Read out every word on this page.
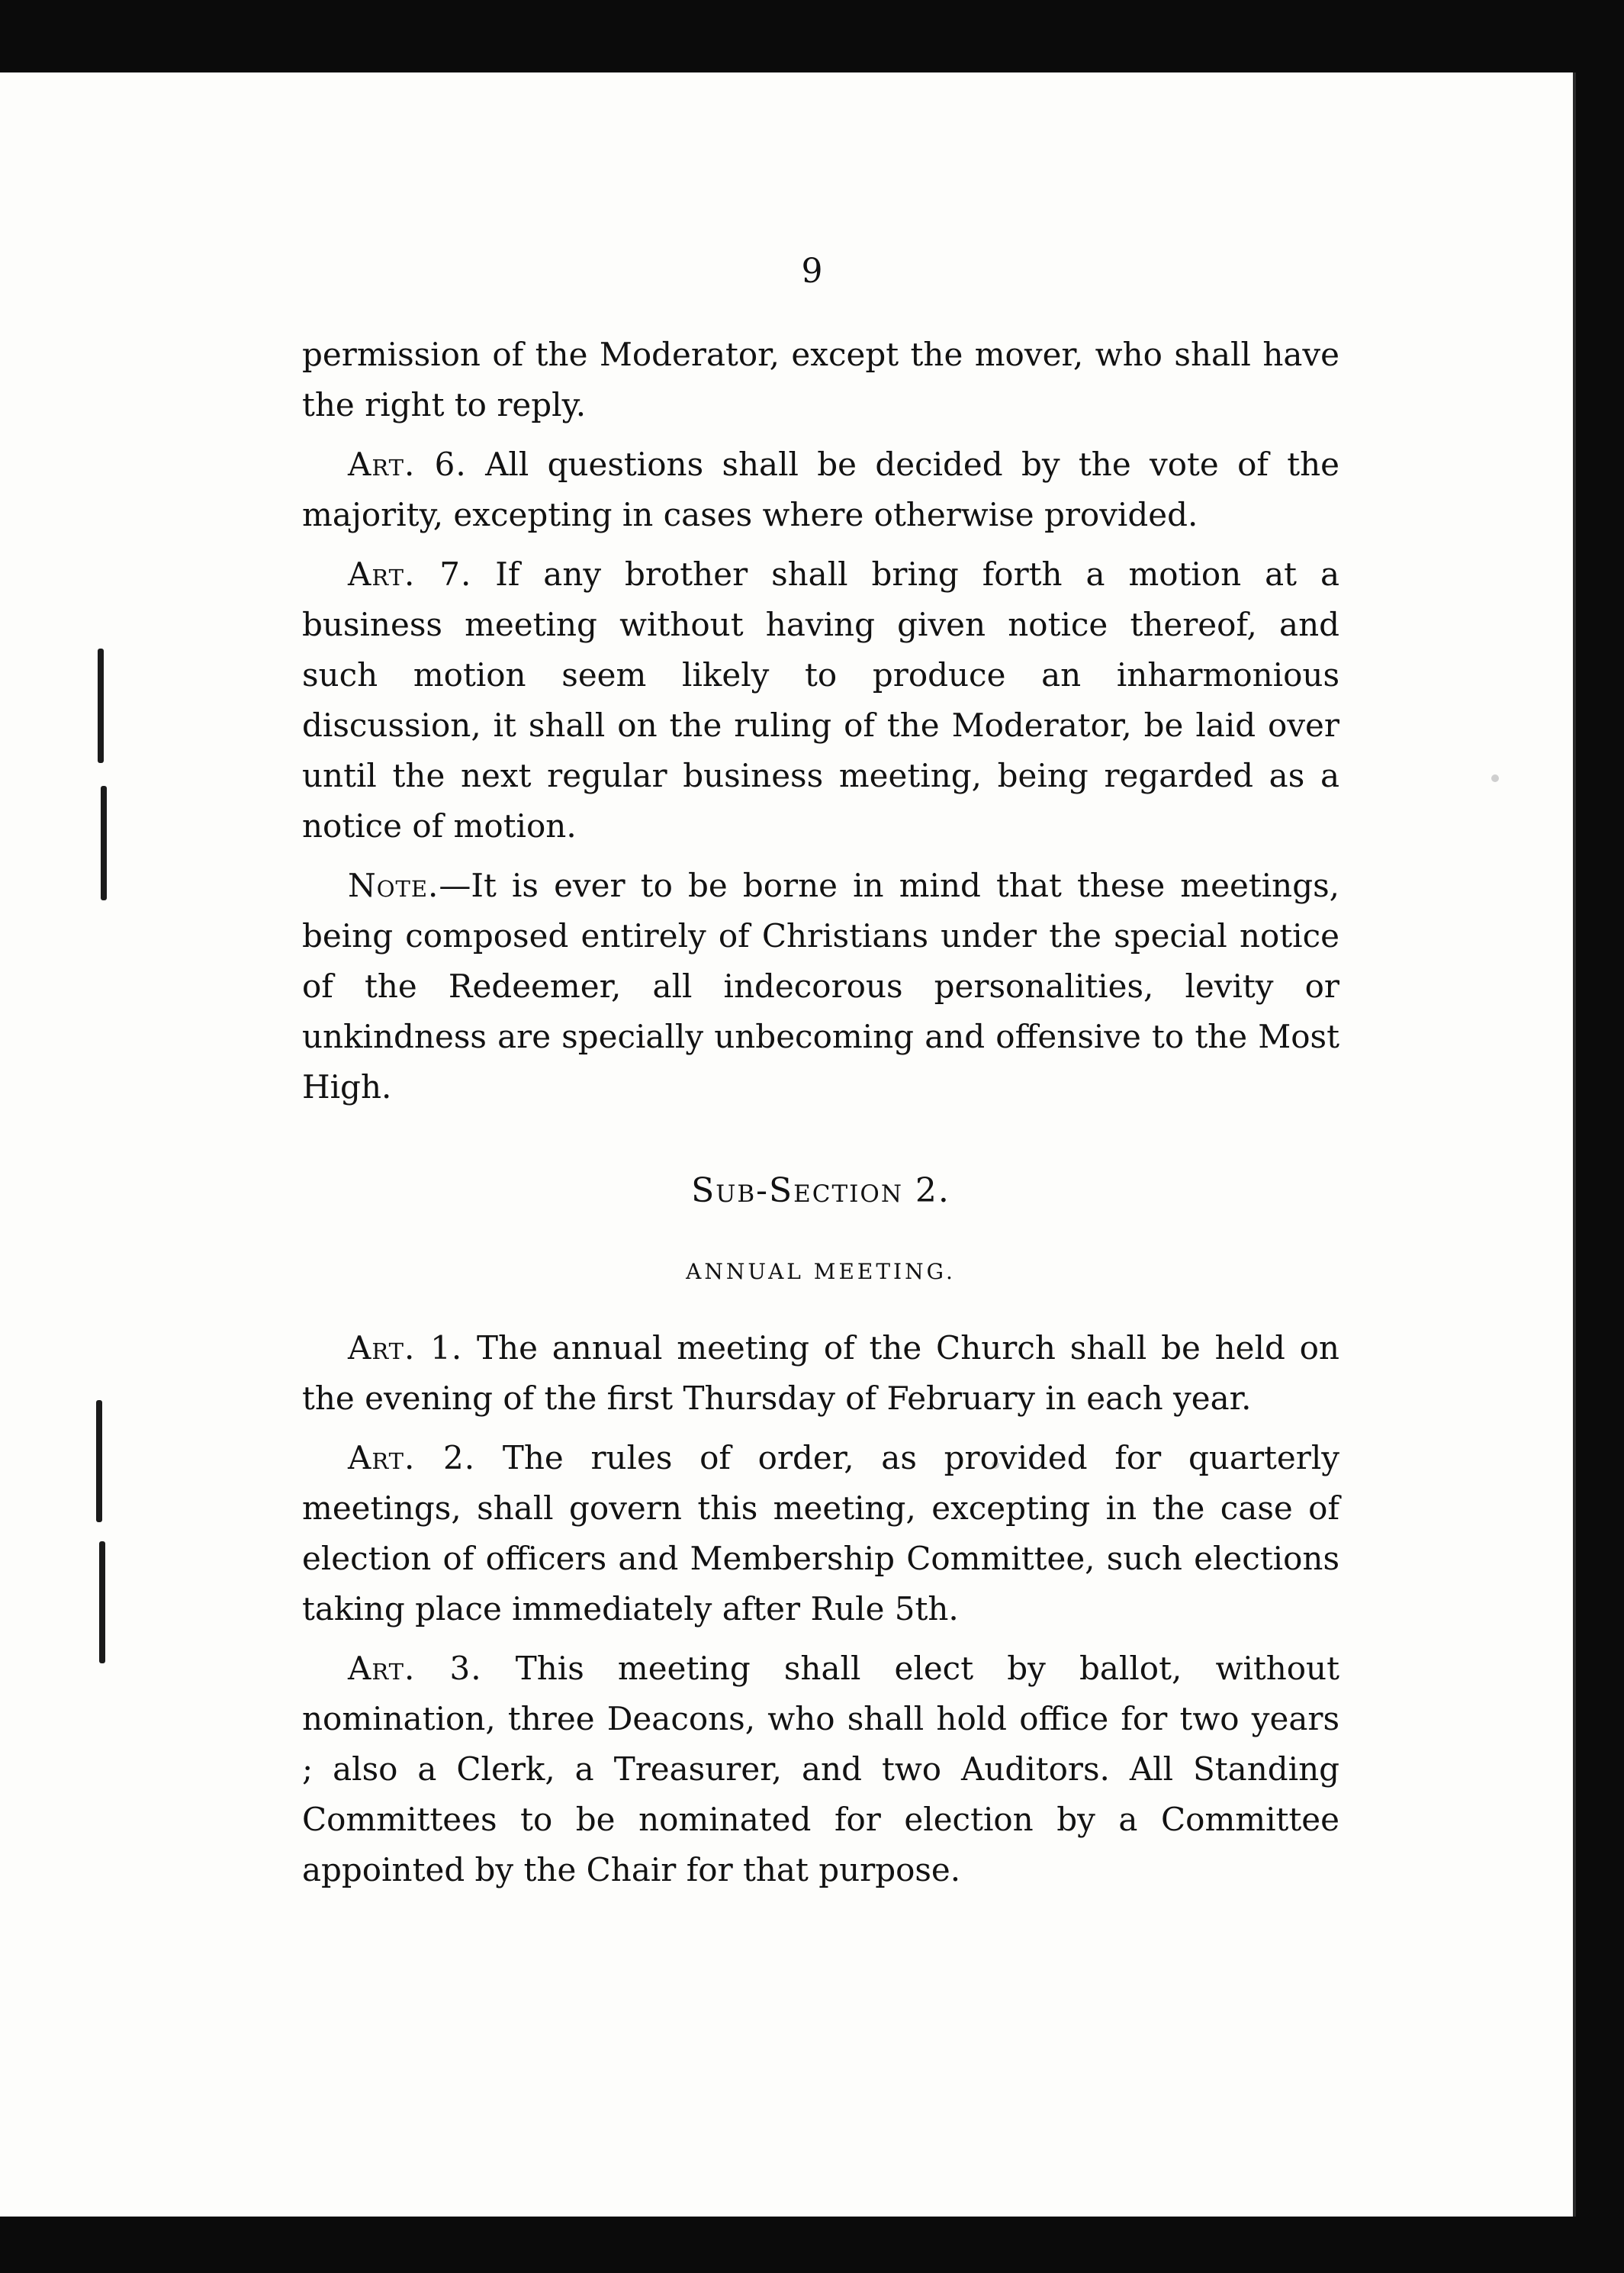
9

permission of the Moderator, except the mover, who shall have the right to reply.

Art. 6. All questions shall be decided by the vote of the majority, excepting in cases where otherwise provided.

Art. 7. If any brother shall bring forth a motion at a business meeting without having given notice thereof, and such motion seem likely to produce an inharmonious discussion, it shall on the ruling of the Moderator, be laid over until the next regular business meeting, being regarded as a notice of motion.

Note.—It is ever to be borne in mind that these meetings, being composed entirely of Christians under the special notice of the Redeemer, all indecorous personalities, levity or unkindness are specially unbecoming and offensive to the Most High.

Sub-Section 2.
ANNUAL MEETING.

Art. 1. The annual meeting of the Church shall be held on the evening of the first Thursday of February in each year.

Art. 2. The rules of order, as provided for quarterly meetings, shall govern this meeting, excepting in the case of election of officers and Membership Committee, such elections taking place immediately after Rule 5th.

Art. 3. This meeting shall elect by ballot, without nomination, three Deacons, who shall hold office for two years ; also a Clerk, a Treasurer, and two Auditors. All Standing Committees to be nominated for election by a Committee appointed by the Chair for that purpose.
